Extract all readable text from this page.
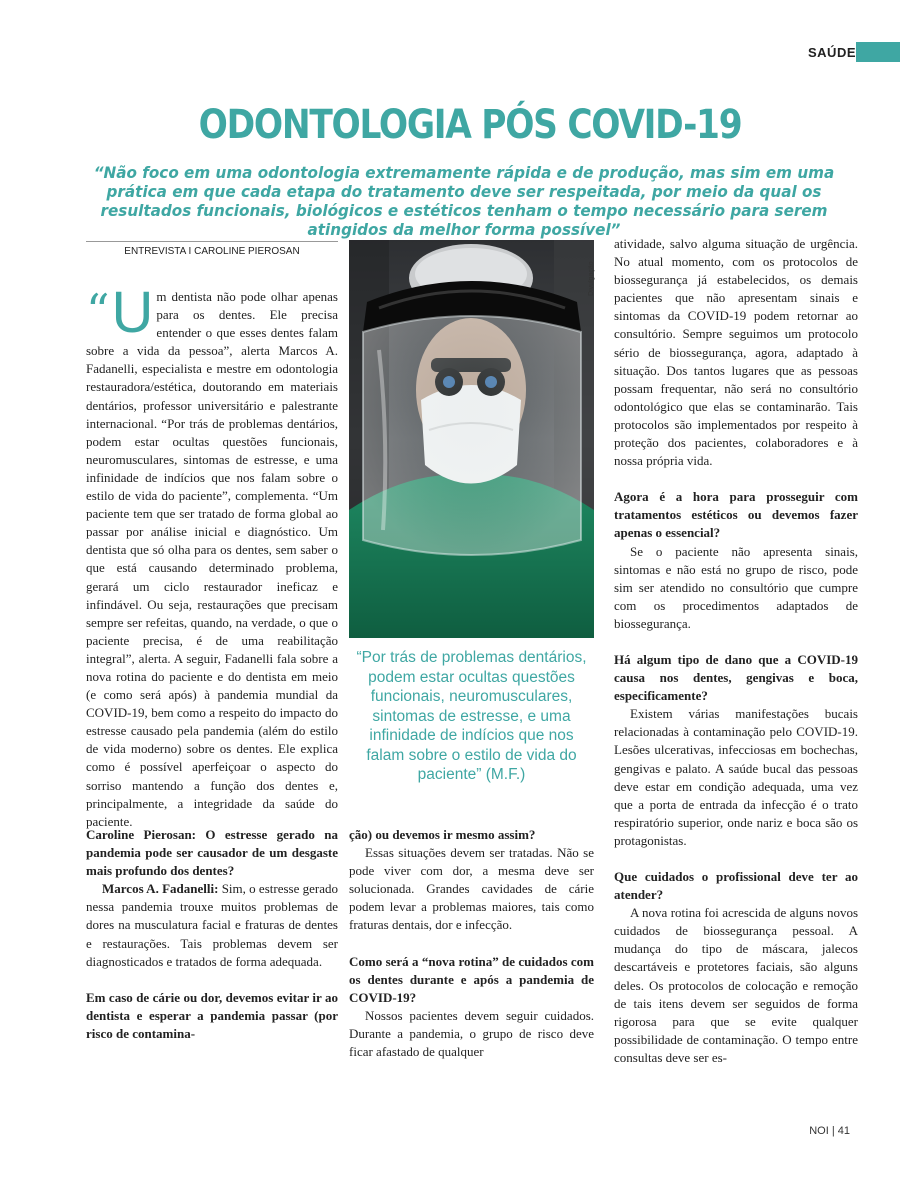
SAÚDE
ODONTOLOGIA PÓS COVID-19
“Não foco em uma odontologia extremamente rápida e de produção, mas sim em uma prática em que cada etapa do tratamento deve ser respeitada, por meio da qual os resultados funcionais, biológicos e estéticos tenham o tempo necessário para serem atingidos da melhor forma possível”
ENTREVISTA I CAROLINE PIEROSAN

“ U m dentista não pode olhar apenas para os dentes. Ele precisa entender o que esses dentes falam sobre a vida da pessoa”, alerta Marcos A. Fadanelli, especialista e mestre em odontologia restauradora/estética, doutorando em materiais dentários, professor universitário e palestrante internacional. “Por trás de problemas dentários, podem estar ocultas questões funcionais, neuromusculares, sintomas de estresse, e uma infinidade de indícios que nos falam sobre o estilo de vida do paciente”, complementa. “Um paciente tem que ser tratado de forma global ao passar por análise inicial e diagnóstico. Um dentista que só olha para os dentes, sem saber o que está causando determinado problema, gerará um ciclo restaurador ineficaz e infindável. Ou seja, restaurações que precisam sempre ser refeitas, quando, na verdade, o que o paciente precisa, é de uma reabilitação integral”, alerta. A seguir, Fadanelli fala sobre a nova rotina do paciente e do dentista em meio (e como será após) à pandemia mundial da COVID-19, bem como a respeito do impacto do estresse causado pela pandemia (além do estilo de vida moderno) sobre os dentes. Ele explica como é possível aperfeiçoar o aspecto do sorriso mantendo a função dos dentes e, principalmente, a integridade da saúde do paciente.

Caroline Pierosan: O estresse gerado na pandemia pode ser causador de um desgaste mais profundo dos dentes?

Marcos A. Fadanelli: Sim, o estresse gerado nessa pandemia trouxe muitos problemas de dores na musculatura facial e fraturas de dentes e restaurações. Tais problemas devem ser diagnosticados e tratados de forma adequada.

Em caso de cárie ou dor, devemos evitar ir ao dentista e esperar a pandemia passar (por risco de contamina-

Divulgação
“Por trás de problemas dentários, podem estar ocultas questões funcionais, neuromusculares, sintomas de estresse, e uma infinidade de indícios que nos falam sobre o estilo de vida do paciente” (M.F.)

ção) ou devemos ir mesmo assim?

Essas situações devem ser tratadas. Não se pode viver com dor, a mesma deve ser solucionada. Grandes cavidades de cárie podem levar a problemas maiores, tais como fraturas dentais, dor e infecção.

Como será a “nova rotina” de cuidados com os dentes durante e após a pandemia de COVID-19?

Nossos pacientes devem seguir cuidados. Durante a pandemia, o grupo de risco deve ficar afastado de qualquer

atividade, salvo alguma situação de urgência. No atual momento, com os protocolos de biossegurança já estabelecidos, os demais pacientes que não apresentam sinais e sintomas da COVID-19 podem retornar ao consultório. Sempre seguimos um protocolo sério de biossegurança, agora, adaptado à situação. Dos tantos lugares que as pessoas possam frequentar, não será no consultório odontológico que elas se contaminarão. Tais protocolos são implementados por respeito à proteção dos pacientes, colaboradores e à nossa própria vida.

Agora é a hora para prosseguir com tratamentos estéticos ou devemos fazer apenas o essencial?

Se o paciente não apresenta sinais, sintomas e não está no grupo de risco, pode sim ser atendido no consultório que cumpre com os procedimentos adaptados de biossegurança.

Há algum tipo de dano que a COVID-19 causa nos dentes, gengivas e boca, especificamente?

Existem várias manifestações bucais relacionadas à contaminação pelo COVID-19. Lesões ulcerativas, infecciosas em bochechas, gengivas e palato. A saúde bucal das pessoas deve estar em condição adequada, uma vez que a porta de entrada da infecção é o trato respiratório superior, onde nariz e boca são os protagonistas.

Que cuidados o profissional deve ter ao atender?

A nova rotina foi acrescida de alguns novos cuidados de biossegurança pessoal. A mudança do tipo de máscara, jalecos descartáveis e protetores faciais, são alguns deles. Os protocolos de colocação e remoção de tais itens devem ser seguidos de forma rigorosa para que se evite qualquer possibilidade de contaminação. O tempo entre consultas deve ser es-

NOI | 41
